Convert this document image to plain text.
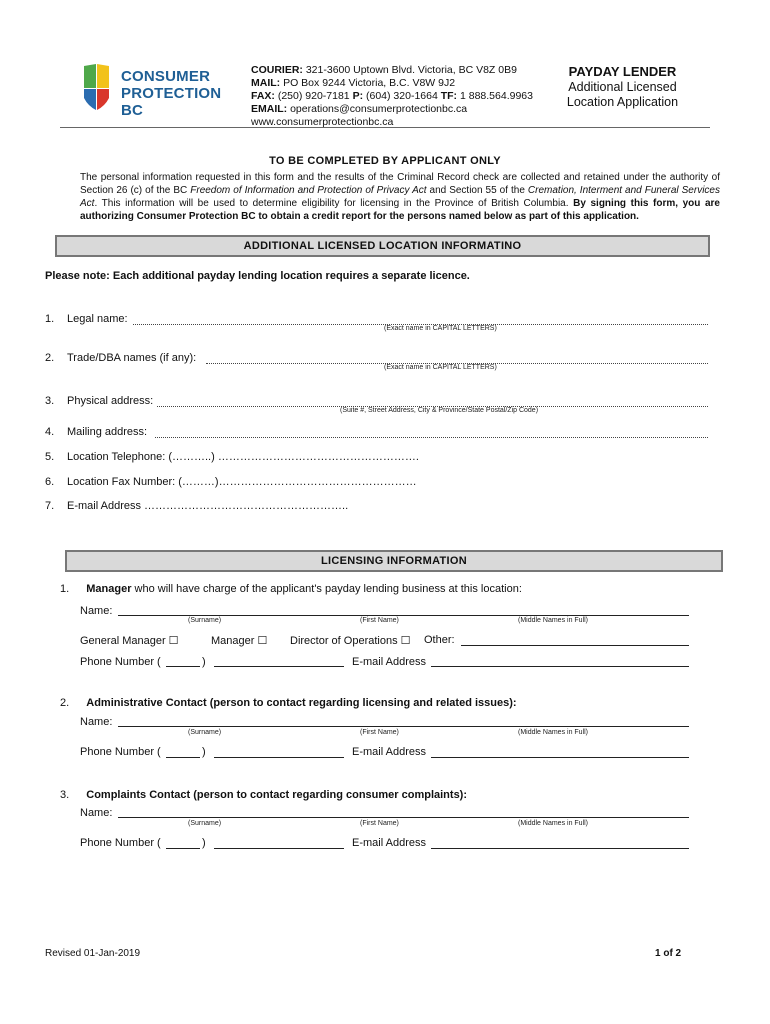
CONSUMER
PROTECTION BC
COURIER: 321-3600 Uptown Blvd. Victoria, BC V8Z 0B9
MAIL: PO Box 9244 Victoria, B.C. V8W 9J2
FAX: (250) 920-7181 P: (604) 320-1664 TF: 1 888.564.9963
EMAIL: operations@consumerprotectionbc.ca
www.consumerprotectionbc.ca
PAYDAY LENDER
Additional Licensed
Location Application
TO BE COMPLETED BY APPLICANT ONLY
The personal information requested in this form and the results of the Criminal Record check are collected and retained under the authority of Section 26 (c) of the BC Freedom of Information and Protection of Privacy Act and Section 55 of the Cremation, Interment and Funeral Services Act. This information will be used to determine eligibility for licensing in the Province of British Columbia. By signing this form, you are authorizing Consumer Protection BC to obtain a credit report for the persons named below as part of this application.
ADDITIONAL LICENSED LOCATION INFORMATINO
Please note: Each additional payday lending location requires a separate licence.
1. Legal name:
(Exact name in CAPITAL LETTERS)
2. Trade/DBA names (if any):
(Exact name in CAPITAL LETTERS)
3. Physical address:
(Suite #, Street Address, City & Province/State Postal/Zip Code)
4. Mailing address:
5. Location Telephone: (………..) ……………………………………………….
6. Location Fax Number: (………)………………………………………………
7. E-mail Address ………………………………………………..
LICENSING INFORMATION
1. Manager who will have charge of the applicant's payday lending business at this location:
Name:
(Surname)	(First Name)	(Middle Names in Full)
General Manager ☐	Manager ☐ Director of Operations ☐ Other:
Phone Number (	)	E-mail Address
2. Administrative Contact (person to contact regarding licensing and related issues):
Name:
(Surname)	(First Name)	(Middle Names in Full)
Phone Number (	)	E-mail Address
3. Complaints Contact (person to contact regarding consumer complaints):
Name:
(Surname)	(First Name)	(Middle Names in Full)
Phone Number (	)	E-mail Address
Revised 01-Jan-2019	1 of 2
